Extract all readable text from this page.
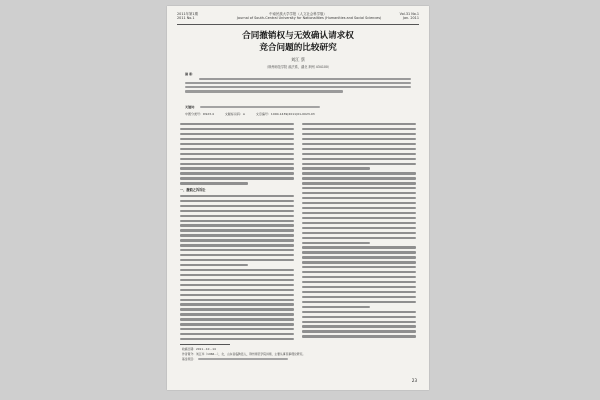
2011年第1期
2011 No.1
中南民族大学学报（人文社会科学版）
Journal of South-Central University for Nationalities (Humanities and Social Sciences)
Vol.31 No.1
Jan. 2011
合同撤销权与无效确认请求权
竞合问题的比较研究
刘江 蔡
（荆州师范学院 政法系，湖北 荆州 434100）
摘 要：
关键词：
中图分类号：D923.4	文献标识码：A	文章编号：1000-1439(2011)01-0023-03
一、撤销之诉诉讼
收稿日期：2011－10－14
作者简介：刘江华（1966－），女，山东省临朐县人，荆州师范学院讲师，主要从事民事理论研究。
基金项目：
23
